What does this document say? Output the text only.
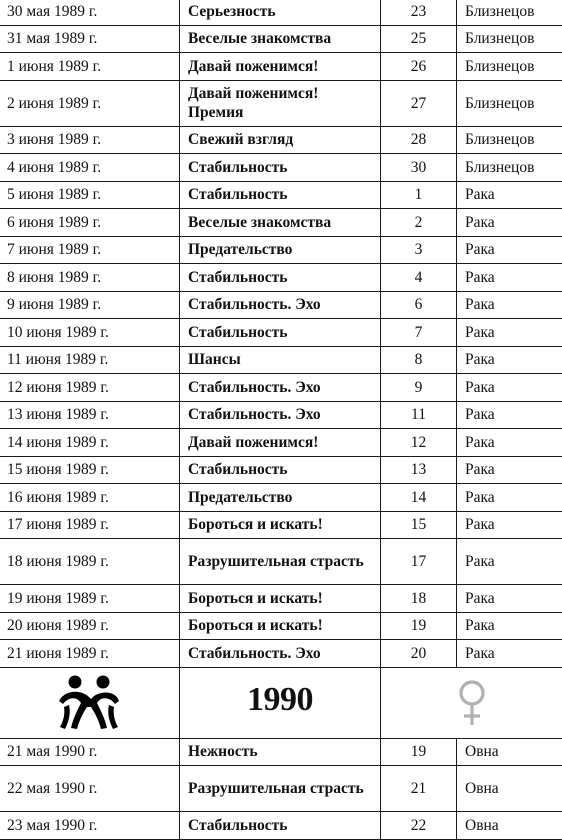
30 мая 1989 г.	Серьезность	23	Близнецов
31 мая 1989 г.	Веселые знакомства	25	Близнецов
1 июня 1989 г.	Давай поженимся!	26	Близнецов
2 июня 1989 г.	Давай поженимся! Премия	27	Близнецов
3 июня 1989 г.	Свежий взгляд	28	Близнецов
4 июня 1989 г.	Стабильность	30	Близнецов
5 июня 1989 г.	Стабильность	1	Рака
6 июня 1989 г.	Веселые знакомства	2	Рака
7 июня 1989 г.	Предательство	3	Рака
8 июня 1989 г.	Стабильность	4	Рака
9 июня 1989 г.	Стабильность. Эхо	6	Рака
10 июня 1989 г.	Стабильность	7	Рака
11 июня 1989 г.	Шансы	8	Рака
12 июня 1989 г.	Стабильность. Эхо	9	Рака
13 июня 1989 г.	Стабильность. Эхо	11	Рака
14 июня 1989 г.	Давай поженимся!	12	Рака
15 июня 1989 г.	Стабильность	13	Рака
16 июня 1989 г.	Предательство	14	Рака
17 июня 1989 г.	Бороться и искать!	15	Рака
18 июня 1989 г.	Разрушительная страсть	17	Рака
19 июня 1989 г.	Бороться и искать!	18	Рака
20 июня 1989 г.	Бороться и искать!	19	Рака
21 июня 1989 г.	Стабильность. Эхо	20	Рака

	1990	

21 мая 1990 г.	Нежность	19	Овна
22 мая 1990 г.	Разрушительная страсть	21	Овна
23 мая 1990 г.	Стабильность	22	Овна
